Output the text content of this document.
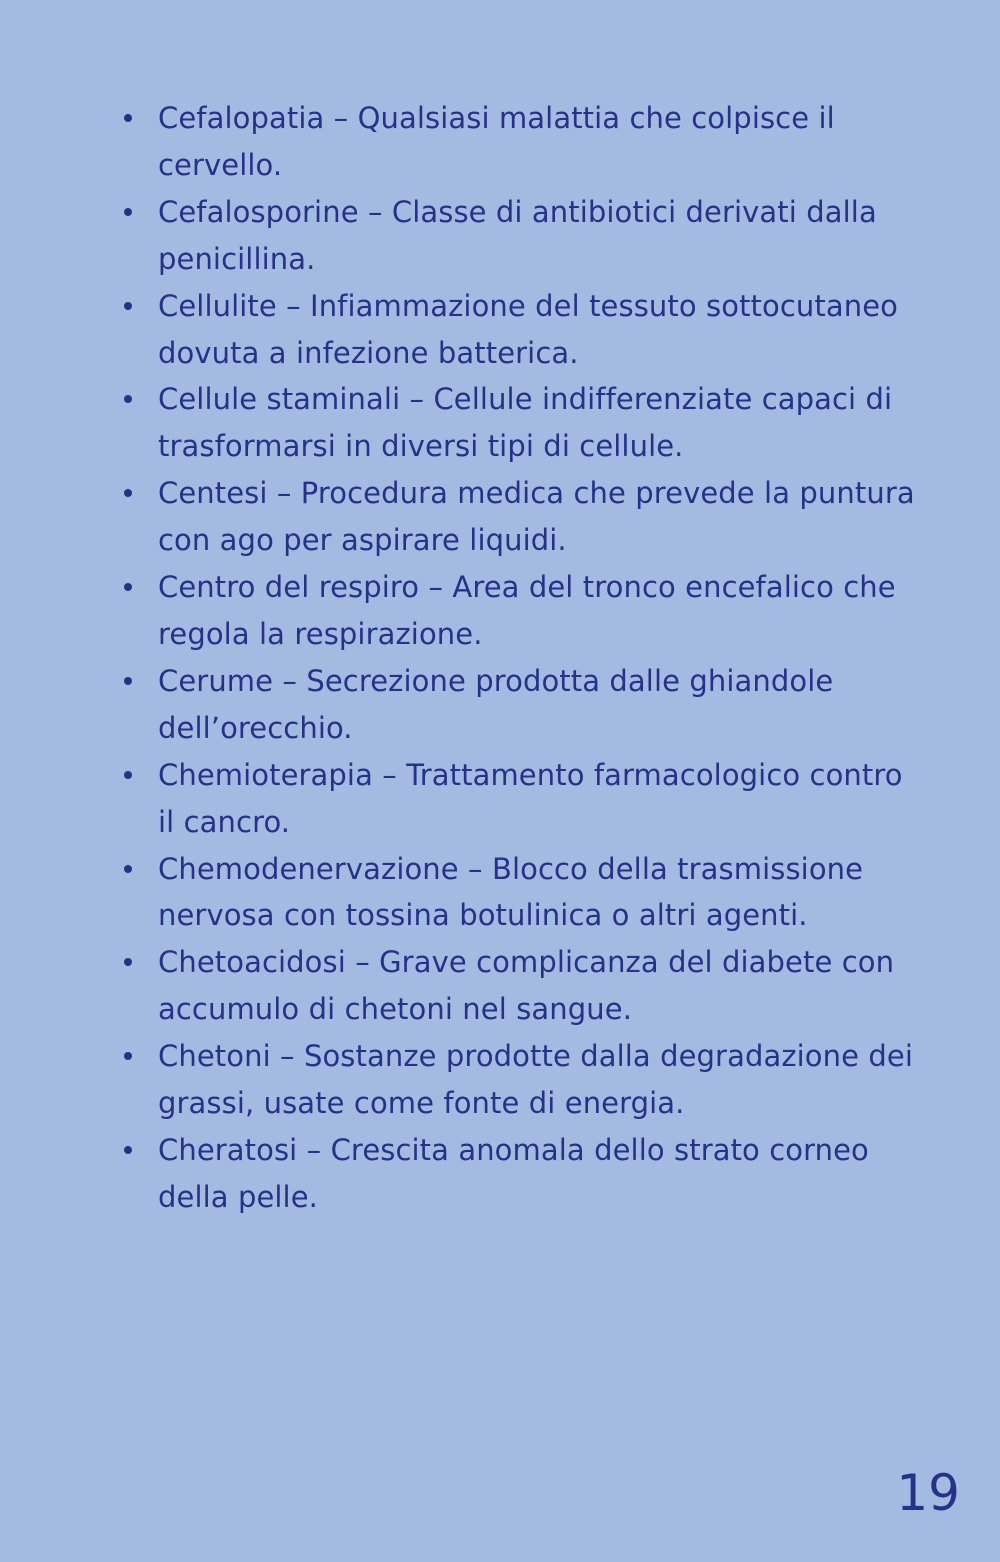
Cefalopatia – Qualsiasi malattia che colpisce il cervello.
Cefalosporine – Classe di antibiotici derivati dalla penicillina.
Cellulite – Infiammazione del tessuto sottocutaneo dovuta a infezione batterica.
Cellule staminali – Cellule indifferenziate capaci di trasformarsi in diversi tipi di cellule.
Centesi – Procedura medica che prevede la puntura con ago per aspirare liquidi.
Centro del respiro – Area del tronco encefalico che regola la respirazione.
Cerume – Secrezione prodotta dalle ghiandole dell’orecchio.
Chemioterapia – Trattamento farmacologico contro il cancro.
Chemodenervazione – Blocco della trasmissione nervosa con tossina botulinica o altri agenti.
Chetoacidosi – Grave complicanza del diabete con accumulo di chetoni nel sangue.
Chetoni – Sostanze prodotte dalla degradazione dei grassi, usate come fonte di energia.
Cheratosi – Crescita anomala dello strato corneo della pelle.
19
